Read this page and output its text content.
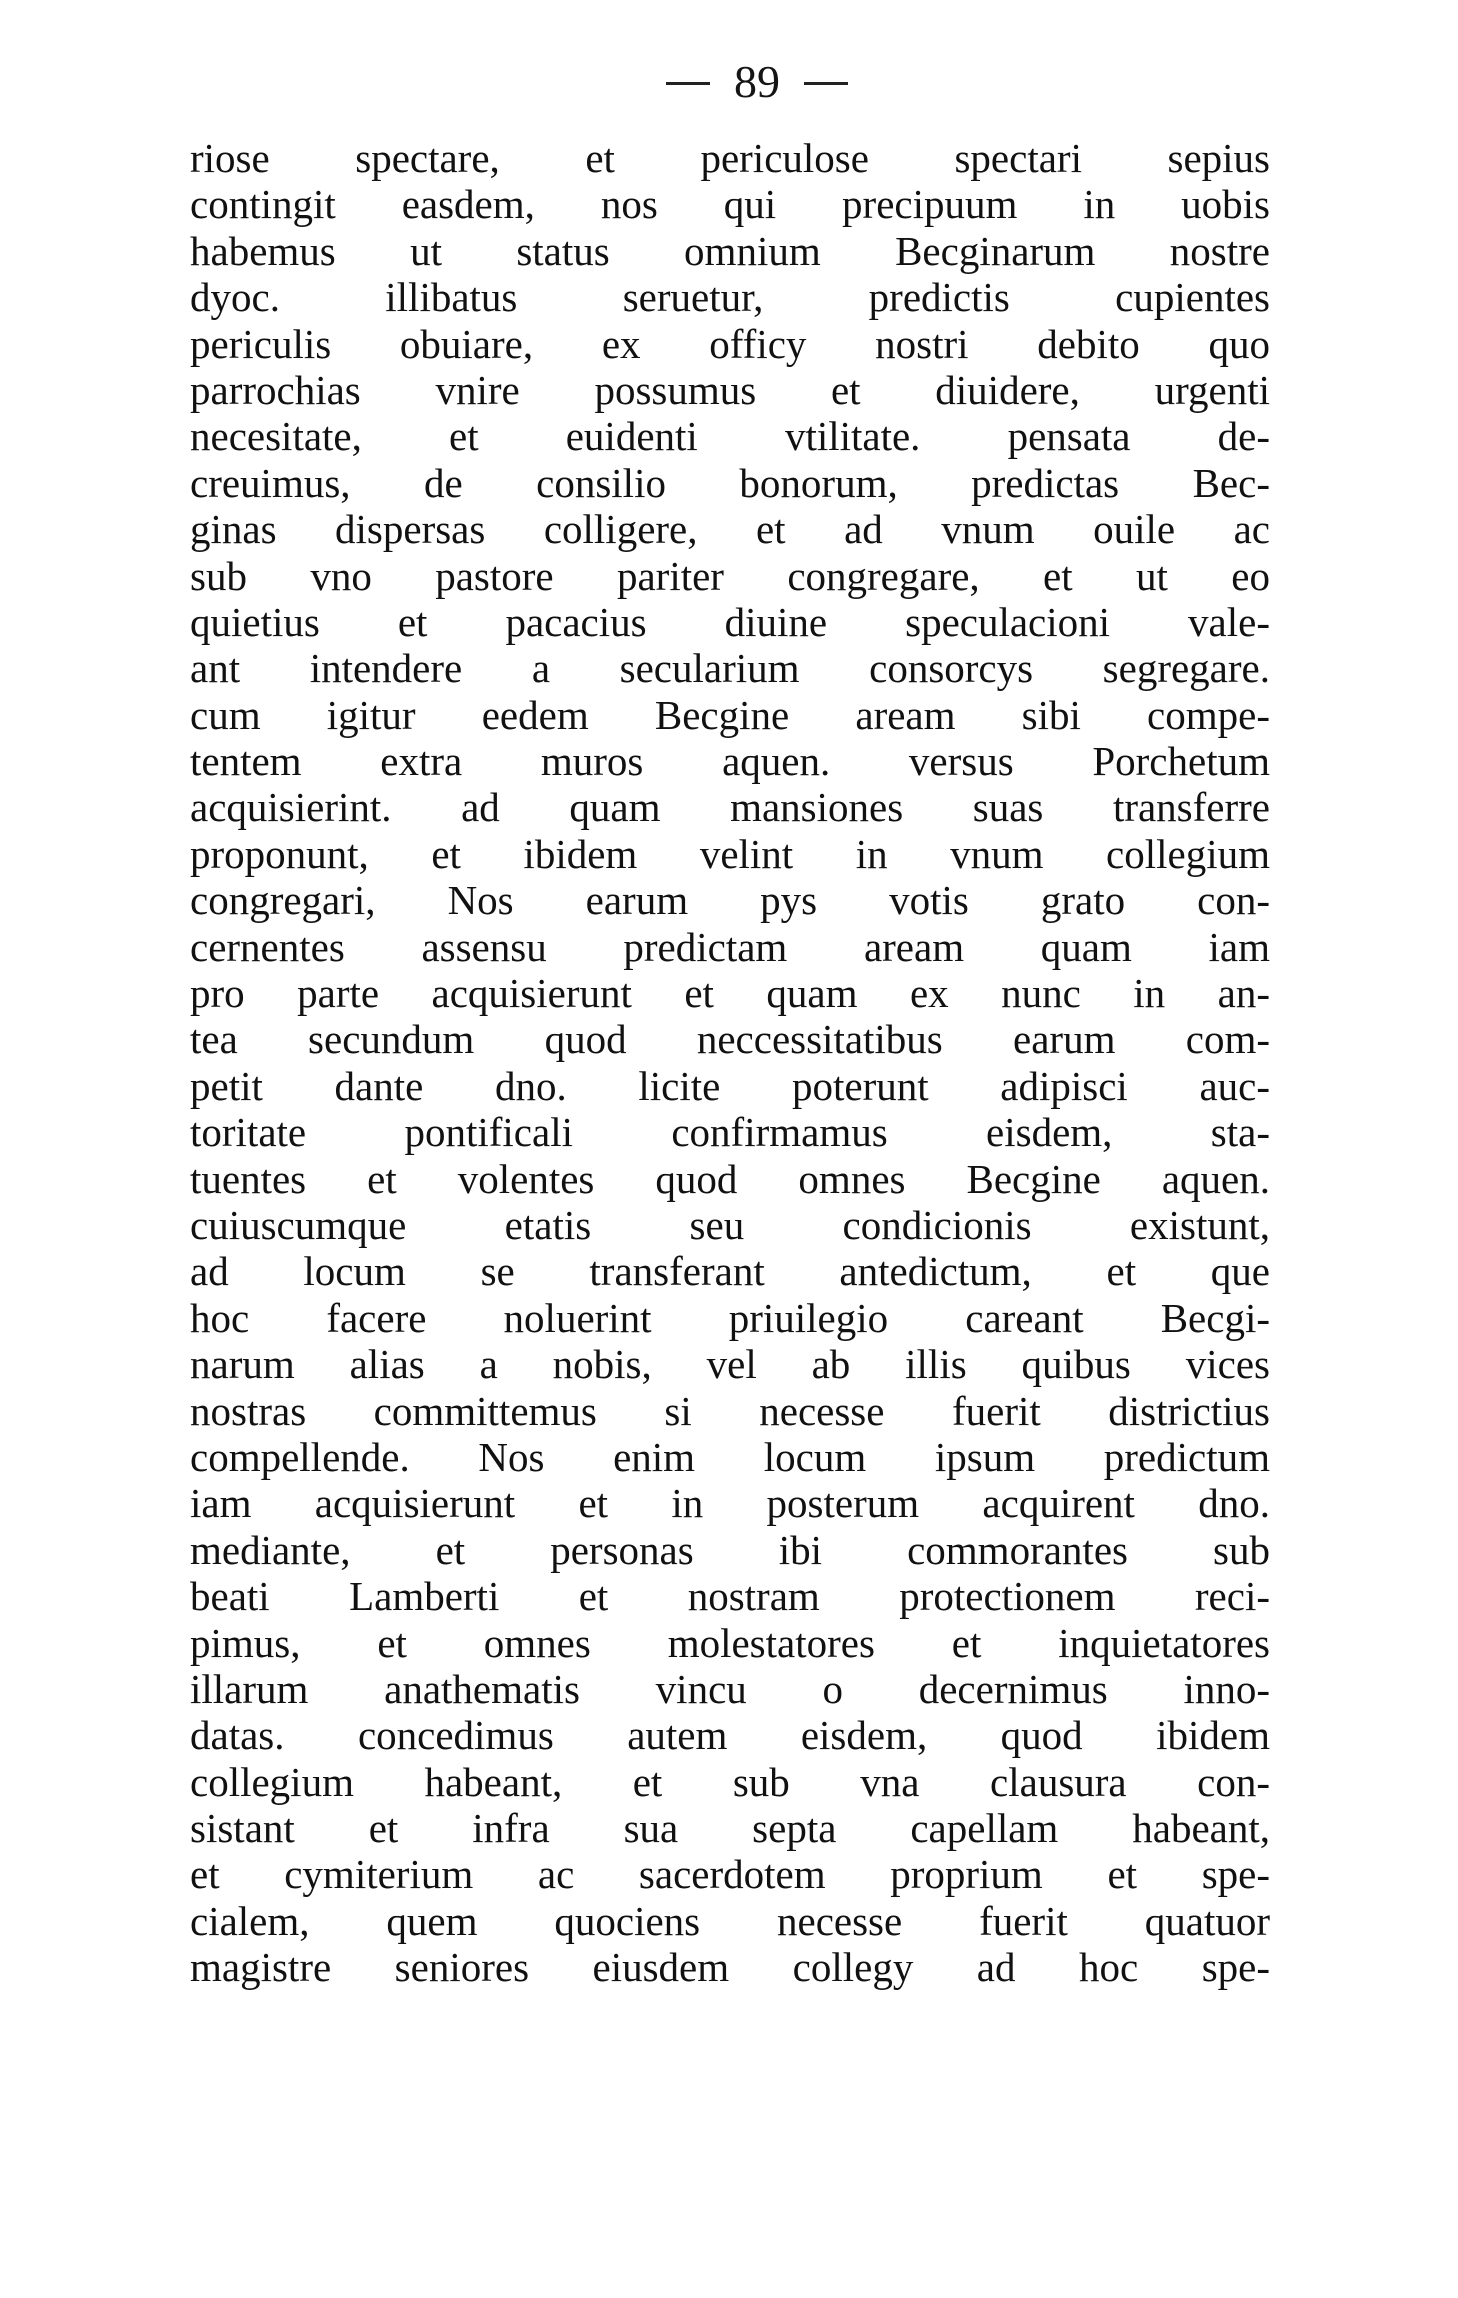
89
riose spectare, et periculose spectari sepius
contingit easdem, nos qui precipuum in uobis
habemus ut status omnium Becginarum nostre
dyoc. illibatus seruetur, predictis cupientes
periculis obuiare, ex officy nostri debito quo
parrochias vnire possumus et diuidere, urgenti
necesitate, et euidenti vtilitate. pensata de-
creuimus, de consilio bonorum, predictas Bec-
ginas dispersas colligere, et ad vnum ouile ac
sub vno pastore pariter congregare, et ut eo
quietius et pacacius diuine speculacioni vale-
ant intendere a secularium consorcys segregare.
cum igitur eedem Becgine aream sibi compe-
tentem extra muros aquen. versus Porchetum
acquisierint. ad quam mansiones suas transferre
proponunt, et ibidem velint in vnum collegium
congregari, Nos earum pys votis grato con-
cernentes assensu predictam aream quam iam
pro parte acquisierunt et quam ex nunc in an-
tea secundum quod neccessitatibus earum com-
petit dante dno. licite poterunt adipisci auc-
toritate pontificali confirmamus eisdem, sta-
tuentes et volentes quod omnes Becgine aquen.
cuiuscumque etatis seu condicionis existunt,
ad locum se transferant antedictum, et que
hoc facere noluerint priuilegio careant Becgi-
narum alias a nobis, vel ab illis quibus vices
nostras committemus si necesse fuerit districtius
compellende. Nos enim locum ipsum predictum
iam acquisierunt et in posterum acquirent dno.
mediante, et personas ibi commorantes sub
beati Lamberti et nostram protectionem reci-
pimus, et omnes molestatores et inquietatores
illarum anathematis vincu o decernimus inno-
datas. concedimus autem eisdem, quod ibidem
collegium habeant, et sub vna clausura con-
sistant et infra sua septa capellam habeant,
et cymiterium ac sacerdotem proprium et spe-
cialem, quem quociens necesse fuerit quatuor
magistre seniores eiusdem collegy ad hoc spe-
